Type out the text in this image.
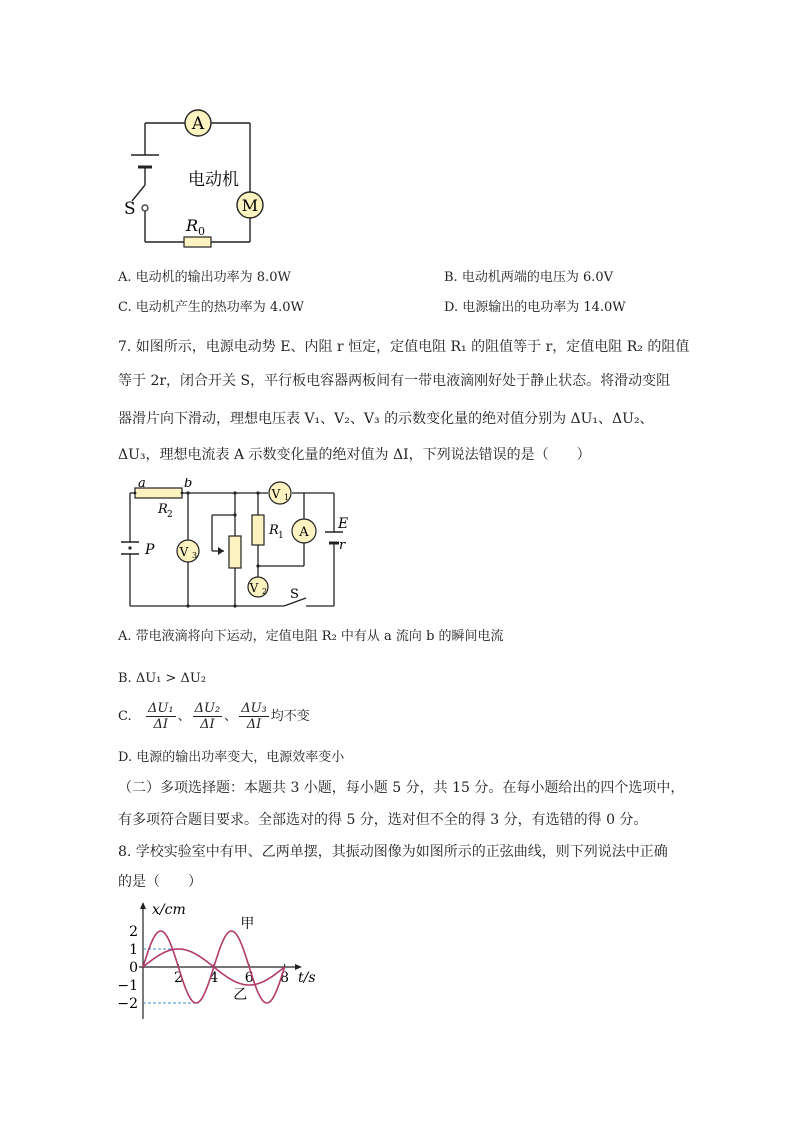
A
M
电动机
S
R 0
A. 电动机的输出功率为 8.0W	B. 电动机两端的电压为 6.0V
C. 电动机产生的热功率为 4.0W	D. 电源输出的电功率为 14.0W
7. 如图所示，电源电动势 E、内阻 r 恒定，定值电阻 R₁ 的阻值等于 r，定值电阻 R₂ 的阻值
等于 2r，闭合开关 S，平行板电容器两板间有一带电液滴刚好处于静止状态。将滑动变阻
器滑片向下滑动，理想电压表 V₁、V₂、V₃ 的示数变化量的绝对值分别为 ΔU₁、ΔU₂、
ΔU₃，理想电流表 A 示数变化量的绝对值为 ΔI，下列说法错误的是（　　）
P
E
r
a	b
R 2
R 1
V 1
V 3
A
V 2 S
A. 带电液滴将向下运动，定值电阻 R₂ 中有从 a 流向 b 的瞬间电流
B. ΔU₁ > ΔU₂
C. $\frac{\text{ΔU₁}}{\Delta I}$ 、 $\frac{\text{ΔU₂}}{\Delta I}$ 、 $\frac{\text{ΔU₃}}{\Delta I}$ 均不变
D. 电源的输出功率变大，电源效率变小
（二）多项选择题：本题共 3 小题，每小题 5 分，共 15 分。在每小题给出的四个选项中，
有多项符合题目要求。全部选对的得 5 分，选对但不全的得 3 分，有选错的得 0 分。
8. 学校实验室中有甲、乙两单摆，其振动图像为如图所示的正弦曲线，则下列说法中正确
的是（　　）
x/cm
t/s
2
1
0
−1
−2
2 4 6 8
甲
乙
